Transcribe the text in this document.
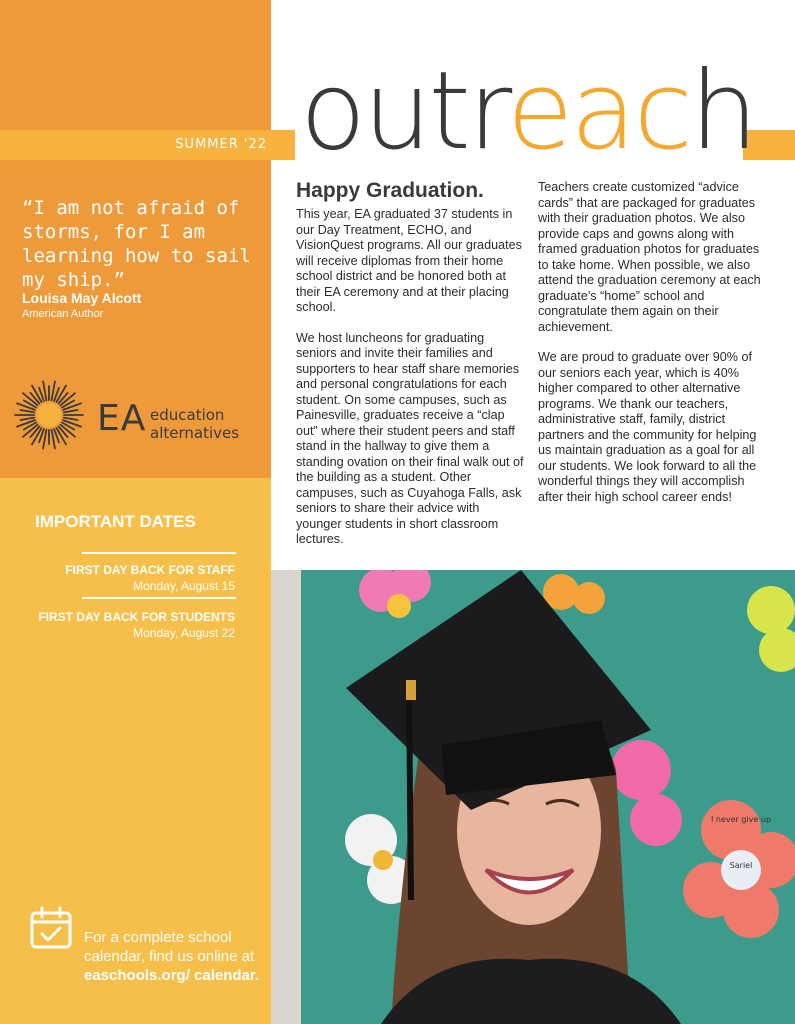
SUMMER '22 outreach
“I am not afraid of storms, for I am learning how to sail my ship.”
Louisa May Alcott
American Author
EA education
alternatives
IMPORTANT DATES
FIRST DAY BACK FOR STAFF
Monday, August 15
FIRST DAY BACK FOR STUDENTS
Monday, August 22
For a complete school calendar, find us online at easchools.org/ calendar.
Happy Graduation.

This year, EA graduated 37 students in our Day Treatment, ECHO, and VisionQuest programs. All our graduates will receive diplomas from their home school district and be honored both at their EA ceremony and at their placing school.

We host luncheons for graduating seniors and invite their families and supporters to hear staff share memories and personal congratulations for each student. On some campuses, such as Painesville, graduates receive a “clap out” where their student peers and staff stand in the hallway to give them a standing ovation on their final walk out of the building as a student. Other campuses, such as Cuyahoga Falls, ask seniors to share their advice with younger students in short classroom lectures.

Teachers create customized “advice cards” that are packaged for graduates with their graduation photos. We also provide caps and gowns along with framed graduation photos for graduates to take home. When possible, we also attend the graduation ceremony at each graduate’s “home” school and congratulate them again on their achievement.

We are proud to graduate over 90% of our seniors each year, which is 40% higher compared to other alternative programs. We thank our teachers, administrative staff, family, district partners and the community for helping us maintain graduation as a goal for all our students. We look forward to all the wonderful things they will accomplish after their high school career ends!

Sariel
I never give up
